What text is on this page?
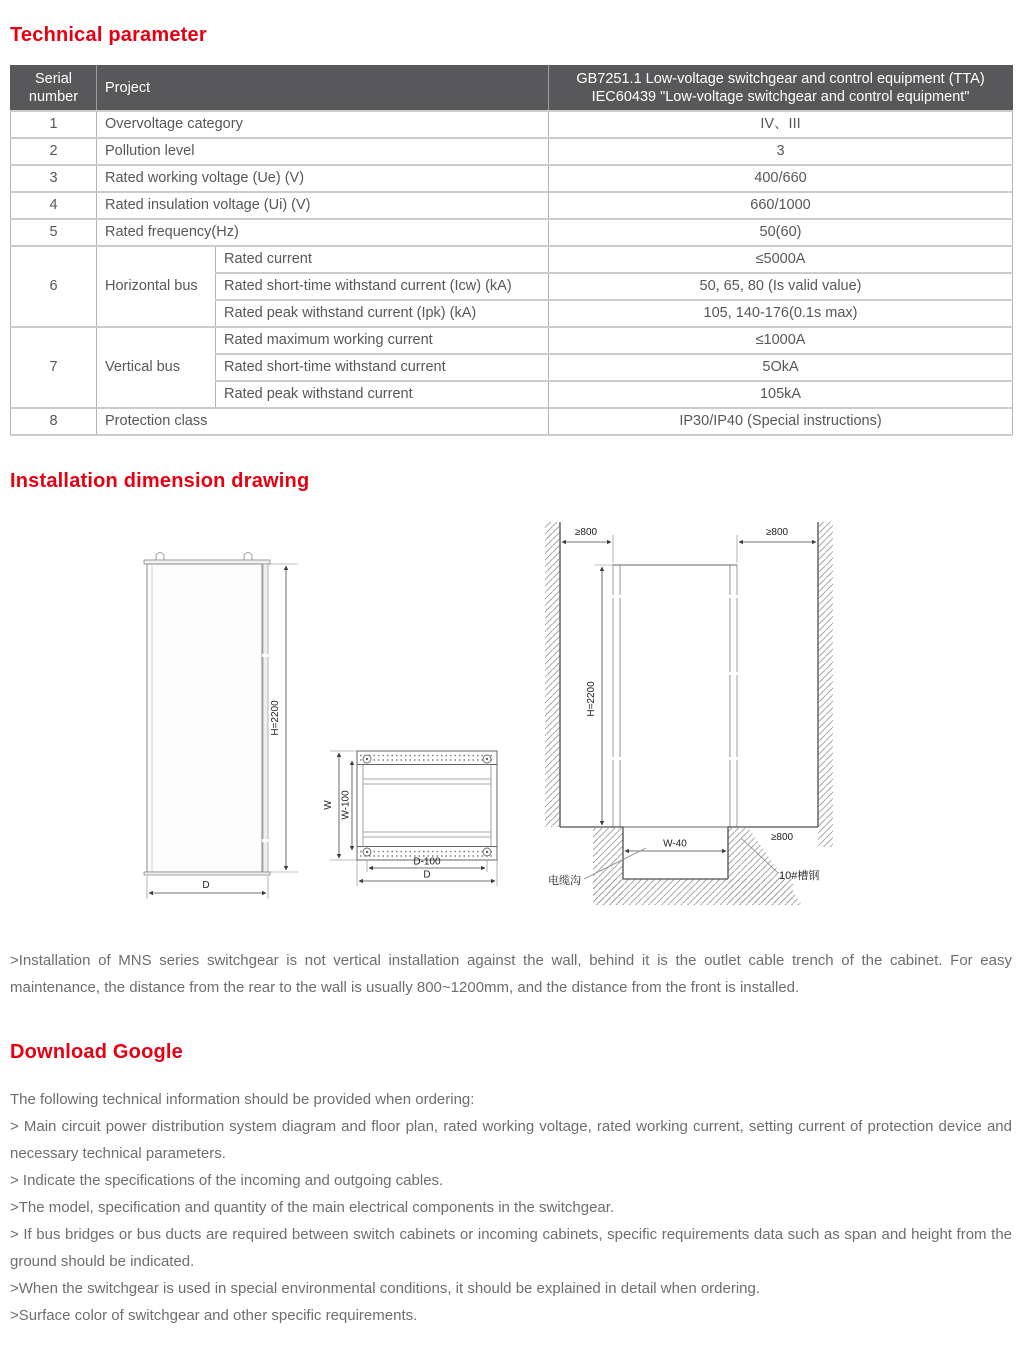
Technical parameter
Serial number	Project		GB7251.1 Low-voltage switchgear and control equipment (TTA)
IEC60439 "Low-voltage switchgear and control equipment"

1	Overvoltage category		IV、III
2	Pollution level		3
3	Rated working voltage (Ue) (V)		400/660
4	Rated insulation voltage (Ui) (V)		660/1000
5	Rated frequency(Hz)		50(60)
6	Horizontal bus	Rated current	≤5000A
		Rated short-time withstand current (Icw) (kA)	50, 65, 80 (Is valid value)
		Rated peak withstand current (Ipk) (kA)	105, 140-176(0.1s max)
7	Vertical bus	Rated maximum working current	≤1000A
		Rated short-time withstand current	5OkA
		Rated peak withstand current	105kA
8	Protection class		IP30/IP40 (Special instructions)
Installation dimension drawing
H=2200
D
W W-100
D-100
D
≥800	≥800
H=2200
W-40
≥800
电缆沟	10#槽钢

>Installation of MNS series switchgear is not vertical installation against the wall, behind it is the outlet cable trench of the cabinet. For easy maintenance, the distance from the rear to the wall is usually 800~1200mm, and the distance from the front is installed.

Download Google

The following technical information should be provided when ordering:

> Main circuit power distribution system diagram and floor plan, rated working voltage, rated working current, setting current of protection device and necessary technical parameters.

> Indicate the specifications of the incoming and outgoing cables.

>The model, specification and quantity of the main electrical components in the switchgear.

> If bus bridges or bus ducts are required between switch cabinets or incoming cabinets, specific requirements data such as span and height from the ground should be indicated.

>When the switchgear is used in special environmental conditions, it should be explained in detail when ordering.

>Surface color of switchgear and other specific requirements.
